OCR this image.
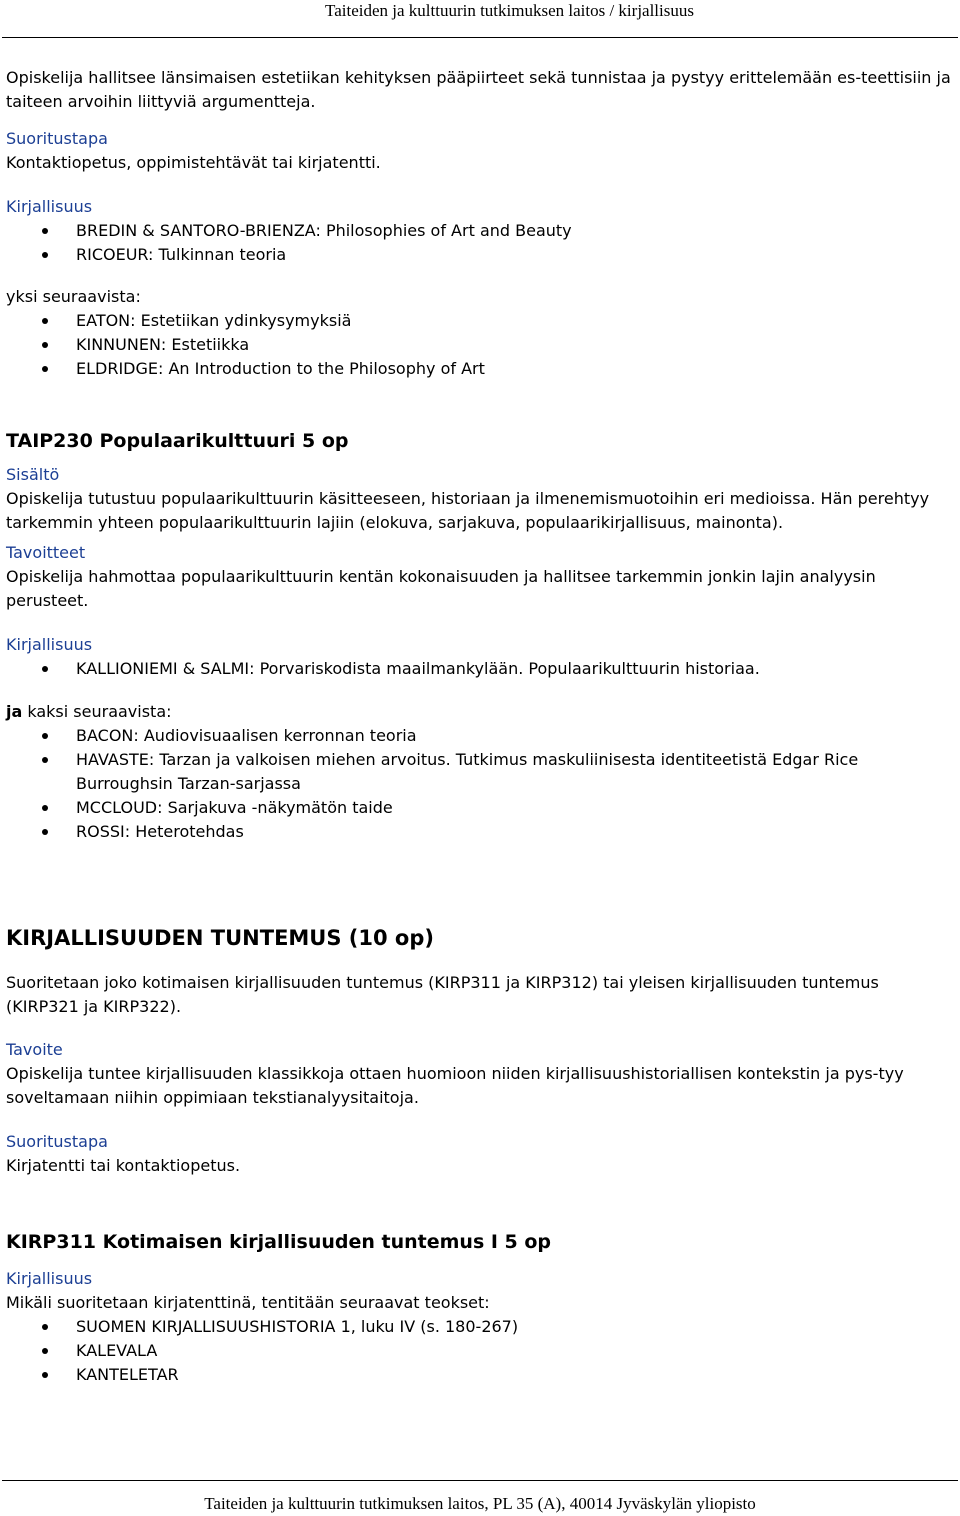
Taiteiden ja kulttuurin tutkimuksen laitos / kirjallisuus

Opiskelija hallitsee länsimaisen estetiikan kehityksen pääpiirteet sekä tunnistaa ja pystyy erittelemään es-teettisiin ja taiteen arvoihin liittyviä argumentteja.

Suoritustapa

Kontaktiopetus, oppimistehtävät tai kirjatentti.

Kirjallisuus

BREDIN & SANTORO-BRIENZA: Philosophies of Art and Beauty
RICOEUR: Tulkinnan teoria

yksi seuraavista:

EATON: Estetiikan ydinkysymyksiä
KINNUNEN: Estetiikka
ELDRIDGE: An Introduction to the Philosophy of Art
TAIP230 Populaarikulttuuri 5 op

Sisältö

Opiskelija tutustuu populaarikulttuurin käsitteeseen, historiaan ja ilmenemismuotoihin eri medioissa. Hän perehtyy tarkemmin yhteen populaarikulttuurin lajiin (elokuva, sarjakuva, populaarikirjallisuus, mainonta).

Tavoitteet

Opiskelija hahmottaa populaarikulttuurin kentän kokonaisuuden ja hallitsee tarkemmin jonkin lajin analyysin perusteet.

Kirjallisuus

KALLIONIEMI & SALMI: Porvariskodista maailmankylään. Populaarikulttuurin historiaa.

ja kaksi seuraavista:

BACON: Audiovisuaalisen kerronnan teoria
HAVASTE: Tarzan ja valkoisen miehen arvoitus. Tutkimus maskuliinisesta identiteetistä Edgar Rice Burroughsin Tarzan-sarjassa
MCCLOUD: Sarjakuva -näkymätön taide
ROSSI: Heterotehdas
KIRJALLISUUDEN TUNTEMUS (10 op)

Suoritetaan joko kotimaisen kirjallisuuden tuntemus (KIRP311 ja KIRP312) tai yleisen kirjallisuuden tuntemus (KIRP321 ja KIRP322).

Tavoite

Opiskelija tuntee kirjallisuuden klassikkoja ottaen huomioon niiden kirjallisuushistoriallisen kontekstin ja pys-tyy soveltamaan niihin oppimiaan tekstianalyysitaitoja.

Suoritustapa

Kirjatentti tai kontaktiopetus.

KIRP311 Kotimaisen kirjallisuuden tuntemus I 5 op

Kirjallisuus

Mikäli suoritetaan kirjatenttinä, tentitään seuraavat teokset:

SUOMEN KIRJALLISUUSHISTORIA 1, luku IV (s. 180-267)
KALEVALA
KANTELETAR
Taiteiden ja kulttuurin tutkimuksen laitos, PL 35 (A), 40014 Jyväskylän yliopisto
